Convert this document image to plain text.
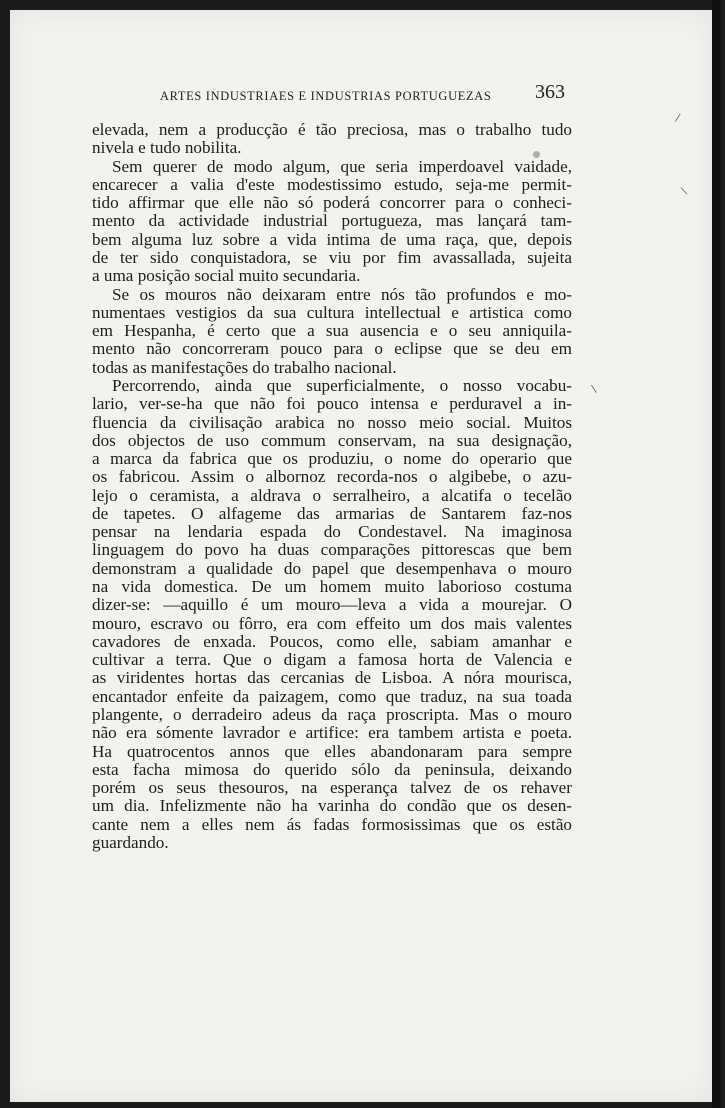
ARTES INDUSTRIAES E INDUSTRIAS PORTUGUEZAS 363
/
\
\
elevada, nem a producção é tão preciosa, mas o trabalho tudo
nivela e tudo nobilita.
Sem querer de modo algum, que seria imperdoavel vaidade,
encarecer a valia d'este modestissimo estudo, seja-me permit-
tido affirmar que elle não só poderá concorrer para o conheci-
mento da actividade industrial portugueza, mas lançará tam-
bem alguma luz sobre a vida intima de uma raça, que, depois
de ter sido conquistadora, se viu por fim avassallada, sujeita
a uma posição social muito secundaria.
Se os mouros não deixaram entre nós tão profundos e mo-
numentaes vestigios da sua cultura intellectual e artistica como
em Hespanha, é certo que a sua ausencia e o seu anniquila-
mento não concorreram pouco para o eclipse que se deu em
todas as manifestações do trabalho nacional.
Percorrendo, ainda que superficialmente, o nosso vocabu-
lario, ver-se-ha que não foi pouco intensa e perduravel a in-
fluencia da civilisação arabica no nosso meio social. Muitos
dos objectos de uso commum conservam, na sua designação,
a marca da fabrica que os produziu, o nome do operario que
os fabricou. Assim o albornoz recorda-nos o algibebe, o azu-
lejo o ceramista, a aldrava o serralheiro, a alcatifa o tecelão
de tapetes. O alfageme das armarias de Santarem faz-nos
pensar na lendaria espada do Condestavel. Na imaginosa
linguagem do povo ha duas comparações pittorescas que bem
demonstram a qualidade do papel que desempenhava o mouro
na vida domestica. De um homem muito laborioso costuma
dizer-se: —aquillo é um mouro—leva a vida a mourejar. O
mouro, escravo ou fôrro, era com effeito um dos mais valentes
cavadores de enxada. Poucos, como elle, sabiam amanhar e
cultivar a terra. Que o digam a famosa horta de Valencia e
as viridentes hortas das cercanias de Lisboa. A nóra mourisca,
encantador enfeite da paizagem, como que traduz, na sua toada
plangente, o derradeiro adeus da raça proscripta. Mas o mouro
não era sómente lavrador e artifice: era tambem artista e poeta.
Ha quatrocentos annos que elles abandonaram para sempre
esta facha mimosa do querido sólo da peninsula, deixando
porém os seus thesouros, na esperança talvez de os rehaver
um dia. Infelizmente não ha varinha do condão que os desen-
cante nem a elles nem ás fadas formosissimas que os estão
guardando.
